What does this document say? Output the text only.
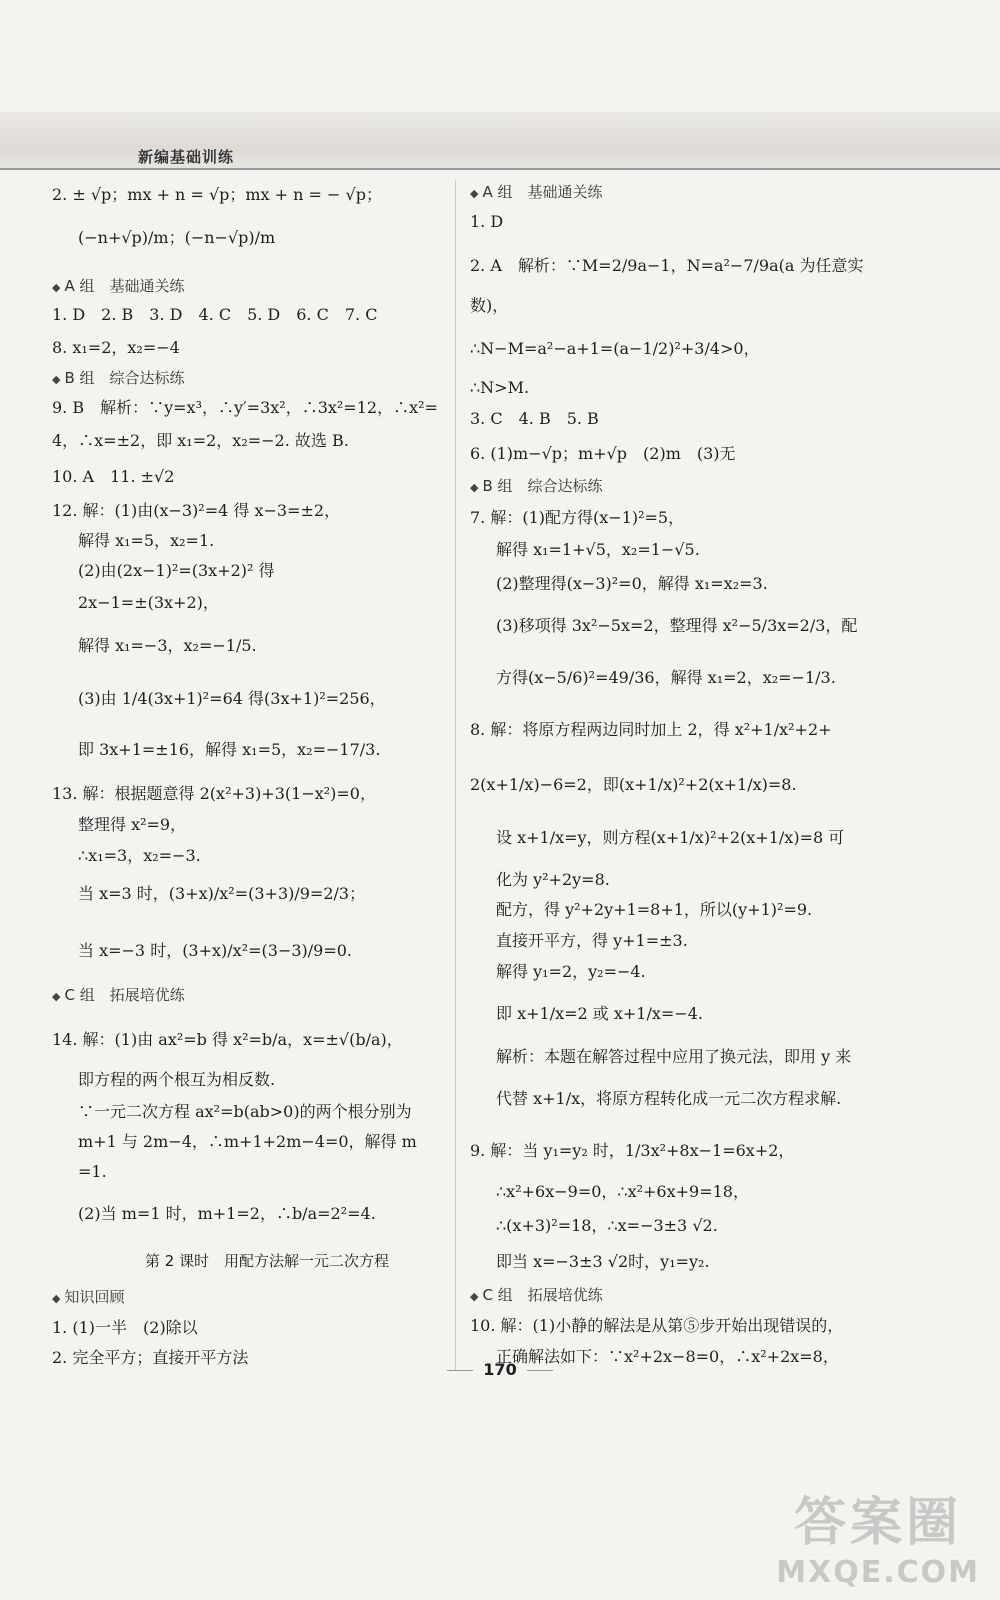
新编基础训练
2. ± √p；mx + n = √p；mx + n = − √p；
(−n+√p)/m；(−n−√p)/m
◆ A 组　基础通关练
1. D　2. B　3. D　4. C　5. D　6. C　7. C
8. x₁=2，x₂=−4
◆ B 组　综合达标练
9. B　解析：∵y=x³，∴y′=3x²，∴3x²=12，∴x²=
4，∴x=±2，即 x₁=2，x₂=−2. 故选 B.
10. A　11. ±√2
12. 解：(1)由(x−3)²=4 得 x−3=±2，
解得 x₁=5，x₂=1.
(2)由(2x−1)²=(3x+2)² 得
2x−1=±(3x+2)，
解得 x₁=−3，x₂=−1/5.
(3)由 1/4(3x+1)²=64 得(3x+1)²=256，
即 3x+1=±16，解得 x₁=5，x₂=−17/3.
13. 解：根据题意得 2(x²+3)+3(1−x²)=0，
整理得 x²=9，
∴x₁=3，x₂=−3.
当 x=3 时，(3+x)/x²=(3+3)/9=2/3；
当 x=−3 时，(3+x)/x²=(3−3)/9=0.
◆ C 组　拓展培优练
14. 解：(1)由 ax²=b 得 x²=b/a，x=±√(b/a)，
即方程的两个根互为相反数.
∵一元二次方程 ax²=b(ab>0)的两个根分别为
m+1 与 2m−4，∴m+1+2m−4=0，解得 m
=1.
(2)当 m=1 时，m+1=2，∴b/a=2²=4.
第 2 课时　用配方法解一元二次方程
◆ 知识回顾
1. (1)一半　(2)除以
2. 完全平方；直接开平方法
◆ A 组　基础通关练
1. D
2. A　解析：∵M=2/9a−1，N=a²−7/9a(a 为任意实
数)，
∴N−M=a²−a+1=(a−1/2)²+3/4>0，
∴N>M.
3. C　4. B　5. B
6. (1)m−√p；m+√p　(2)m　(3)无
◆ B 组　综合达标练
7. 解：(1)配方得(x−1)²=5，
解得 x₁=1+√5，x₂=1−√5.
(2)整理得(x−3)²=0，解得 x₁=x₂=3.
(3)移项得 3x²−5x=2，整理得 x²−5/3x=2/3，配
方得(x−5/6)²=49/36，解得 x₁=2，x₂=−1/3.
8. 解：将原方程两边同时加上 2，得 x²+1/x²+2+
2(x+1/x)−6=2，即(x+1/x)²+2(x+1/x)=8.
设 x+1/x=y，则方程(x+1/x)²+2(x+1/x)=8 可
化为 y²+2y=8.
配方，得 y²+2y+1=8+1，所以(y+1)²=9.
直接开平方，得 y+1=±3.
解得 y₁=2，y₂=−4.
即 x+1/x=2 或 x+1/x=−4.
解析：本题在解答过程中应用了换元法，即用 y 来
代替 x+1/x，将原方程转化成一元二次方程求解.
9. 解：当 y₁=y₂ 时，1/3x²+8x−1=6x+2，
∴x²+6x−9=0，∴x²+6x+9=18，
∴(x+3)²=18，∴x=−3±3 √2.
即当 x=−3±3 √2时，y₁=y₂.
◆ C 组　拓展培优练
10. 解：(1)小静的解法是从第⑤步开始出现错误的，
正确解法如下：∵x²+2x−8=0，∴x²+2x=8，
170
答案圈
MXQE.COM
